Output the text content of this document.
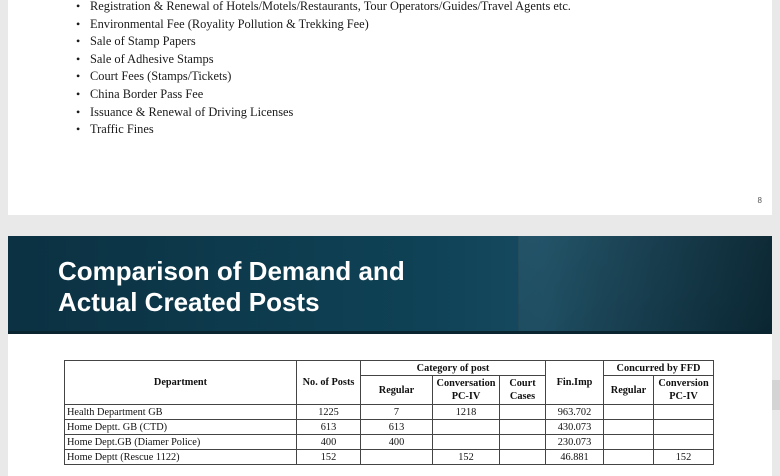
• Registration & Renewal of Hotels/Motels/Restaurants, Tour Operators/Guides/Travel Agents etc.
• Environmental Fee (Royality Pollution & Trekking Fee)
• Sale of Stamp Papers
• Sale of Adhesive Stamps
• Court Fees (Stamps/Tickets)
• China Border Pass Fee
• Issuance & Renewal of Driving Licenses
• Traffic Fines
8
Comparison of Demand and
Actual Created Posts
Department	No. of Posts	Category of post			Fin.Imp	Concurred by FFD	
		Regular	Conversation PC-IV	Court Cases		Regular	Conversion PC-IV
Health Department GB	1225	7	1218		963.702		
Home Deptt. GB (CTD)	613	613			430.073		
Home Dept.GB (Diamer Police)	400	400			230.073		
Home Deptt (Rescue 1122)	152		152		46.881		152
